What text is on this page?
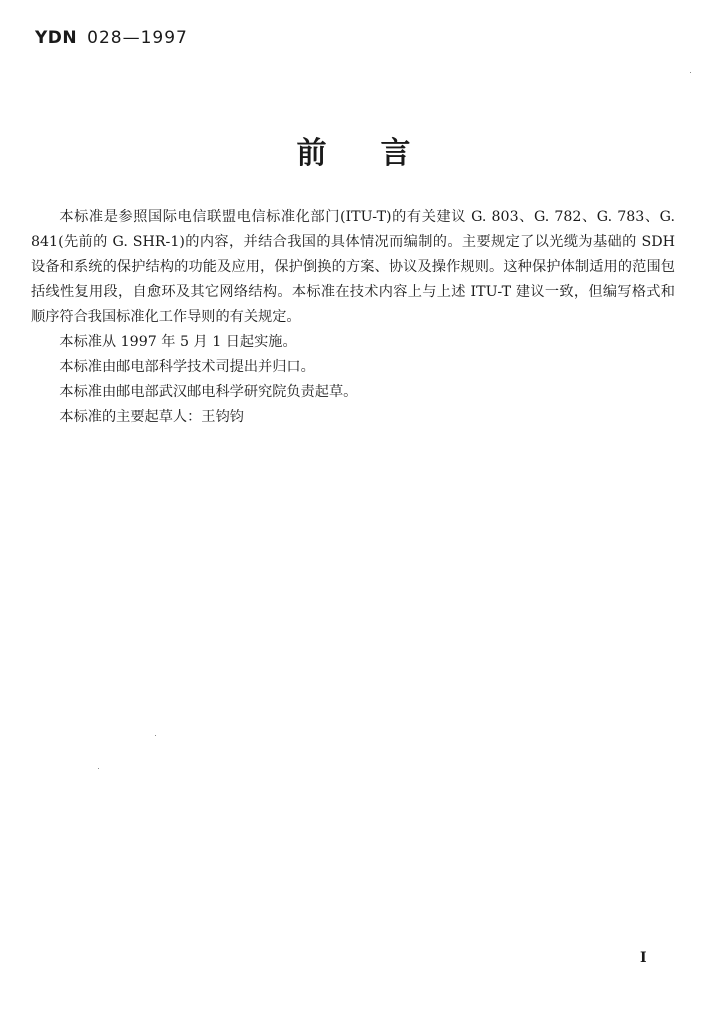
YDN 028—1997
前言

本标准是参照国际电信联盟电信标准化部门(ITU-T)的有关建议 G. 803、G. 782、G. 783、G. 841(先前的 G. SHR-1)的内容，并结合我国的具体情况而编制的。主要规定了以光缆为基础的 SDH 设备和系统的保护结构的功能及应用，保护倒换的方案、协议及操作规则。这种保护体制适用的范围包括线性复用段，自愈环及其它网络结构。本标准在技术内容上与上述 ITU-T 建议一致，但编写格式和顺序符合我国标准化工作导则的有关规定。

本标准从 1997 年 5 月 1 日起实施。

本标准由邮电部科学技术司提出并归口。

本标准由邮电部武汉邮电科学研究院负责起草。

本标准的主要起草人：王钧钧

Ⅰ
